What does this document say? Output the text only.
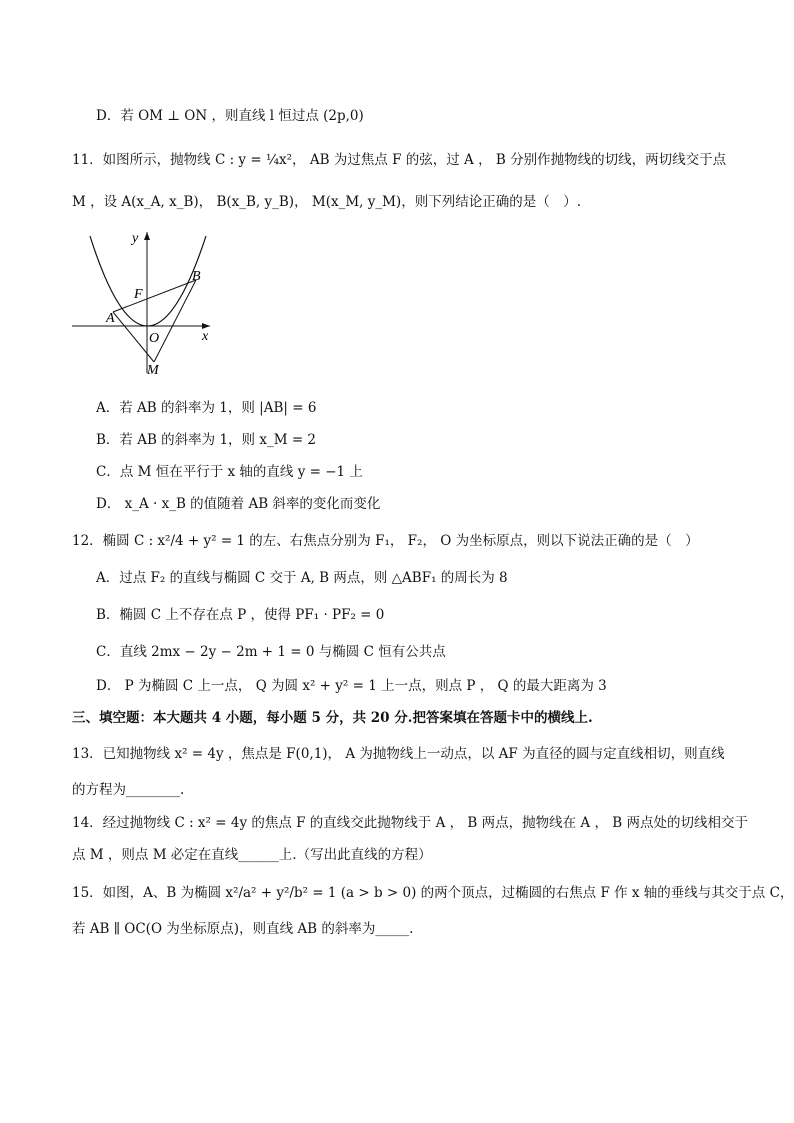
D．若 OM ⊥ ON ，则直线 l 恒过点 (2p,0)
11．如图所示，抛物线 C : y = ¼x²， AB 为过焦点 F 的弦，过 A ， B 分别作抛物线的切线，两切线交于点
M ，设 A(x_A, x_B)， B(x_B, y_B)， M(x_M, y_M)，则下列结论正确的是（　）.
y
x
B
F
A
O
M
A．若 AB 的斜率为 1，则 |AB| = 6
B．若 AB 的斜率为 1，则 x_M = 2
C．点 M 恒在平行于 x 轴的直线 y = −1 上
D． x_A · x_B 的值随着 AB 斜率的变化而变化
12．椭圆 C : x²/4 + y² = 1 的左、右焦点分别为 F₁， F₂， O 为坐标原点，则以下说法正确的是（　）
A．过点 F₂ 的直线与椭圆 C 交于 A, B 两点，则 △ABF₁ 的周长为 8
B．椭圆 C 上不存在点 P ，使得 PF₁ · PF₂ = 0
C．直线 2mx − 2y − 2m + 1 = 0 与椭圆 C 恒有公共点
D． P 为椭圆 C 上一点， Q 为圆 x² + y² = 1 上一点，则点 P ， Q 的最大距离为 3
三、填空题：本大题共 4 小题，每小题 5 分，共 20 分.把答案填在答题卡中的横线上.
13．已知抛物线 x² = 4y ，焦点是 F(0,1)， A 为抛物线上一动点，以 AF 为直径的圆与定直线相切，则直线
的方程为________.
14．经过抛物线 C : x² = 4y 的焦点 F 的直线交此抛物线于 A ， B 两点，抛物线在 A ， B 两点处的切线相交于
点 M ，则点 M 必定在直线______上.（写出此直线的方程）
15．如图，A、B 为椭圆 x²/a² + y²/b² = 1 (a > b > 0) 的两个顶点，过椭圆的右焦点 F 作 x 轴的垂线与其交于点 C，
若 AB ∥ OC(O 为坐标原点)，则直线 AB 的斜率为_____.
